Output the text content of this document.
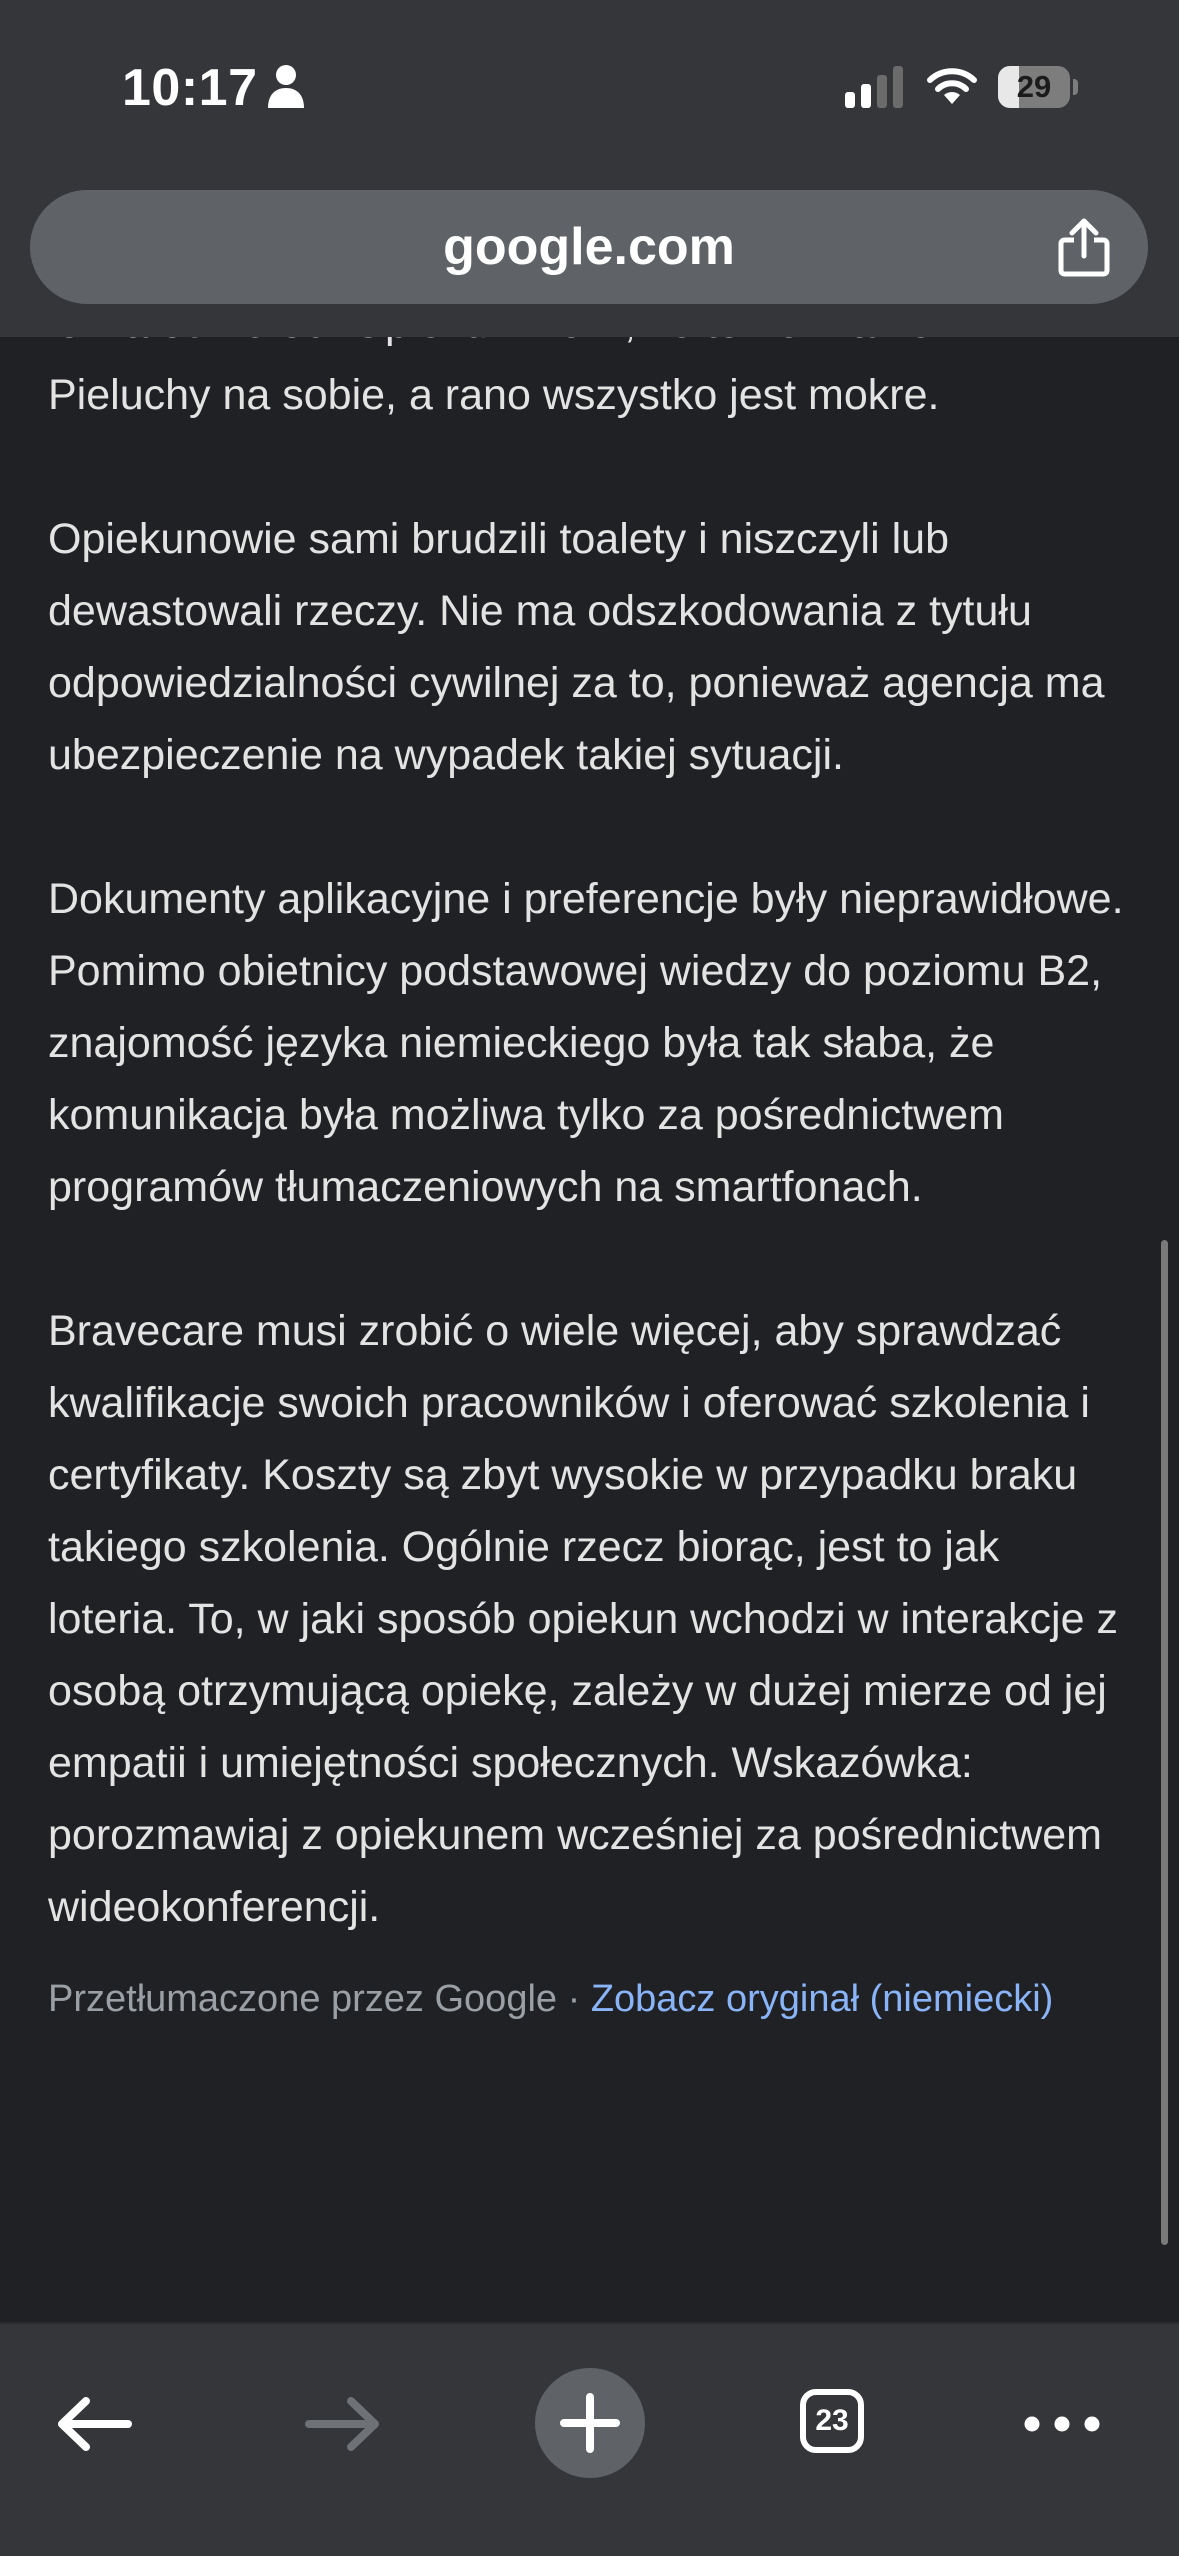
Pieluchy na sobie, a rano wszystko jest mokre.

Opiekunowie sami brudzili toalety i niszczyli lub dewastowali rzeczy. Nie ma odszkodowania z tytułu odpowiedzialności cywilnej za to, ponieważ agencja ma ubezpieczenie na wypadek takiej sytuacji.

Dokumenty aplikacyjne i preferencje były nieprawidłowe. Pomimo obietnicy podstawowej wiedzy do poziomu B2, znajomość języka niemieckiego była tak słaba, że komunikacja była możliwa tylko za pośrednictwem programów tłumaczeniowych na smartfonach.

Bravecare musi zrobić o wiele więcej, aby sprawdzać kwalifikacje swoich pracowników i oferować szkolenia i certyfikaty. Koszty są zbyt wysokie w przypadku braku takiego szkolenia. Ogólnie rzecz biorąc, jest to jak loteria. To, w jaki sposób opiekun wchodzi w interakcje z osobą otrzymującą opiekę, zależy w dużej mierze od jej empatii i umiejętności społecznych. Wskazówka: porozmawiaj z opiekunem wcześniej za pośrednictwem wideokonferencji.

Przetłumaczone przez Google · Zobacz oryginał (niemiecki)
10:17	29
google.com
23
